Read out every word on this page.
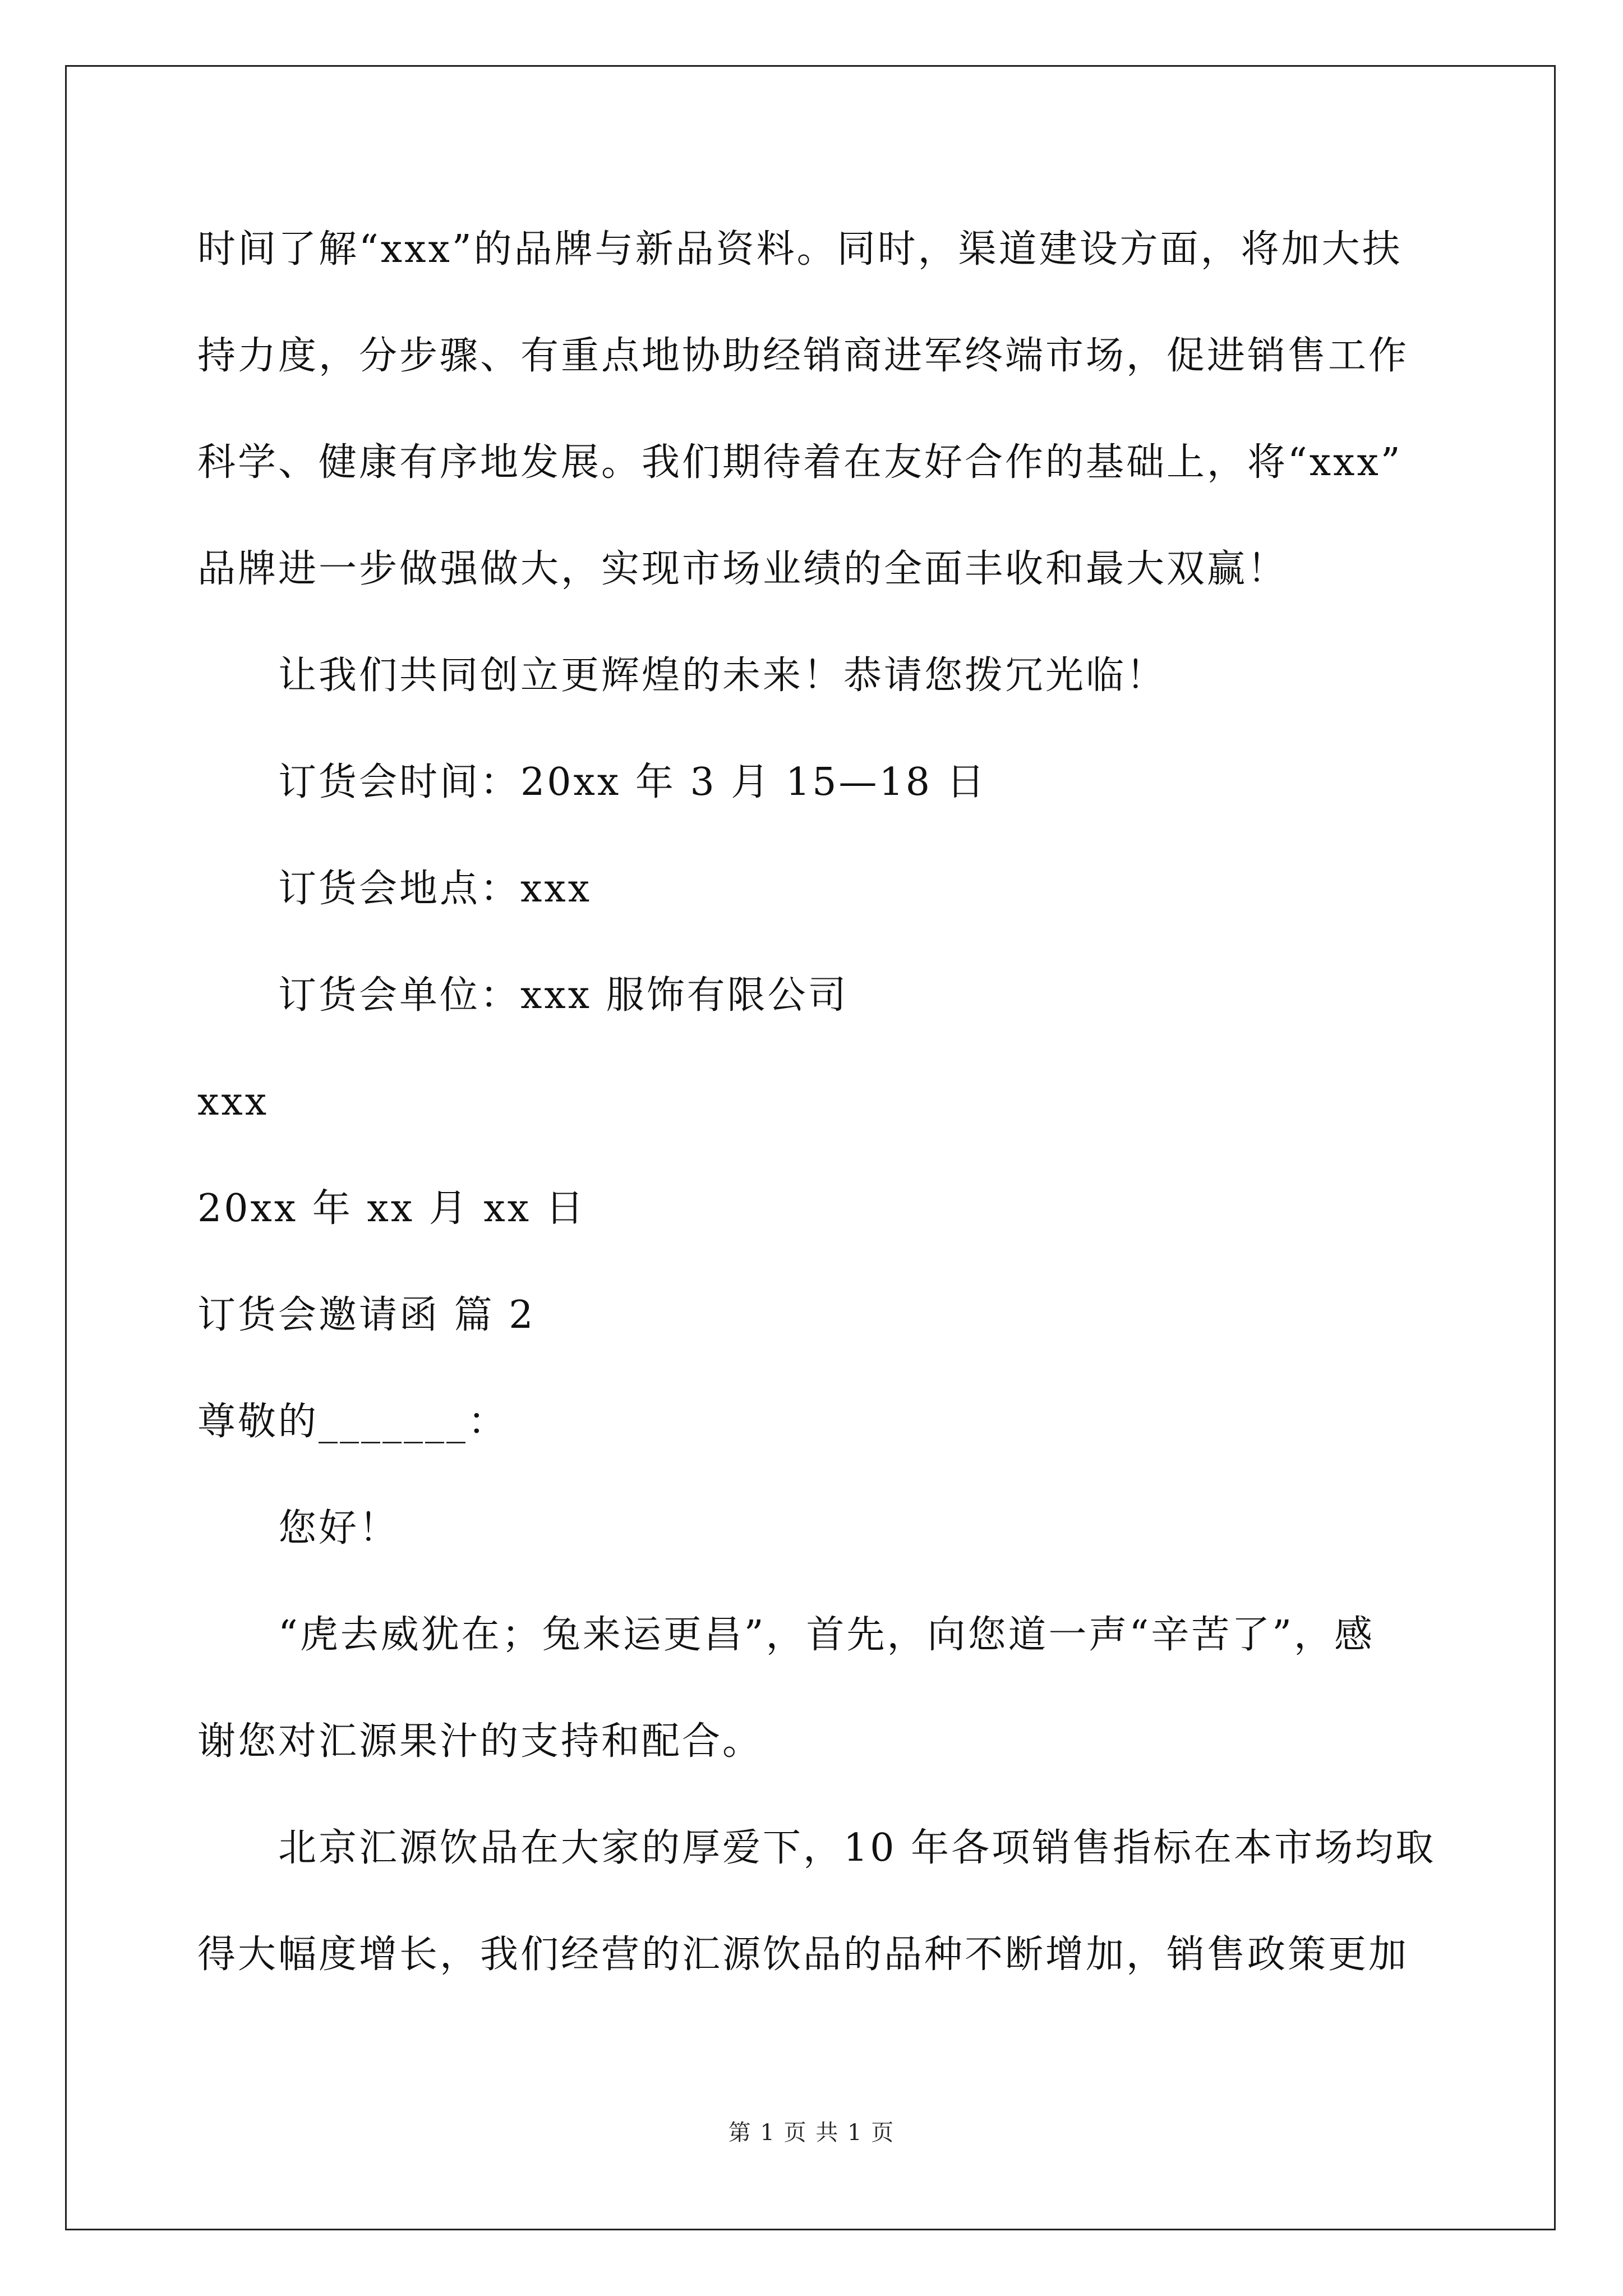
时间了解“xxx”的品牌与新品资料。同时，渠道建设方面，将加大扶
持力度，分步骤、有重点地协助经销商进军终端市场，促进销售工作
科学、健康有序地发展。我们期待着在友好合作的基础上，将“xxx”
品牌进一步做强做大，实现市场业绩的全面丰收和最大双赢！
让我们共同创立更辉煌的未来！恭请您拨冗光临！
订货会时间：20xx 年 3 月 15—18 日
订货会地点：xxx
订货会单位：xxx 服饰有限公司
xxx
20xx 年 xx 月 xx 日
订货会邀请函 篇 2
尊敬的_______：
您好！
“虎去威犹在；兔来运更昌”，首先，向您道一声“辛苦了”，感
谢您对汇源果汁的支持和配合。
北京汇源饮品在大家的厚爱下，10 年各项销售指标在本市场均取
得大幅度增长，我们经营的汇源饮品的品种不断增加，销售政策更加
第 1 页 共 1 页
